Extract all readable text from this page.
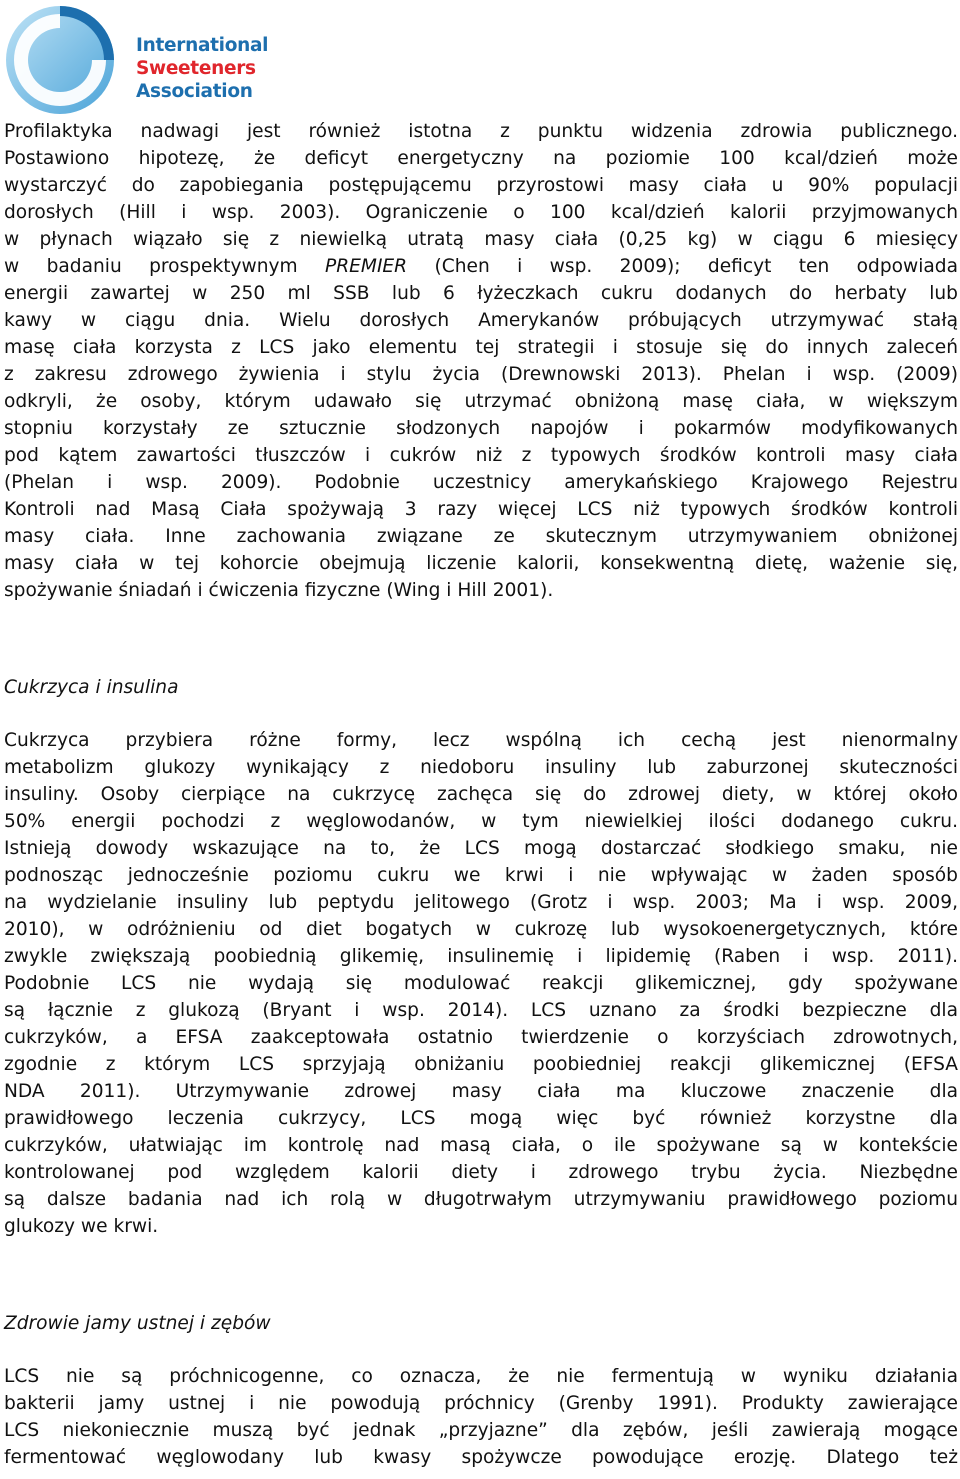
International
Sweeteners
Association

Profilaktyka nadwagi jest również istotna z punktu widzenia zdrowia publicznego.
Postawiono hipotezę, że deficyt energetyczny na poziomie 100 kcal/dzień może
wystarczyć do zapobiegania postępującemu przyrostowi masy ciała u 90% populacji
dorosłych (Hill i wsp. 2003). Ograniczenie o 100 kcal/dzień kalorii przyjmowanych
w płynach wiązało się z niewielką utratą masy ciała (0,25 kg) w ciągu 6 miesięcy
w badaniu prospektywnym PREMIER (Chen i wsp. 2009); deficyt ten odpowiada
energii zawartej w 250 ml SSB lub 6 łyżeczkach cukru dodanych do herbaty lub
kawy w ciągu dnia. Wielu dorosłych Amerykanów próbujących utrzymywać stałą
masę ciała korzysta z LCS jako elementu tej strategii i stosuje się do innych zaleceń
z zakresu zdrowego żywienia i stylu życia (Drewnowski 2013). Phelan i wsp. (2009)
odkryli, że osoby, którym udawało się utrzymać obniżoną masę ciała, w większym
stopniu korzystały ze sztucznie słodzonych napojów i pokarmów modyfikowanych
pod kątem zawartości tłuszczów i cukrów niż z typowych środków kontroli masy ciała
(Phelan i wsp. 2009). Podobnie uczestnicy amerykańskiego Krajowego Rejestru
Kontroli nad Masą Ciała spożywają 3 razy więcej LCS niż typowych środków kontroli
masy ciała. Inne zachowania związane ze skutecznym utrzymywaniem obniżonej
masy ciała w tej kohorcie obejmują liczenie kalorii, konsekwentną dietę, ważenie się,
spożywanie śniadań i ćwiczenia fizyczne (Wing i Hill 2001).

Cukrzyca i insulina

Cukrzyca przybiera różne formy, lecz wspólną ich cechą jest nienormalny
metabolizm glukozy wynikający z niedoboru insuliny lub zaburzonej skuteczności
insuliny. Osoby cierpiące na cukrzycę zachęca się do zdrowej diety, w której około
50% energii pochodzi z węglowodanów, w tym niewielkiej ilości dodanego cukru.
Istnieją dowody wskazujące na to, że LCS mogą dostarczać słodkiego smaku, nie
podnosząc jednocześnie poziomu cukru we krwi i nie wpływając w żaden sposób
na wydzielanie insuliny lub peptydu jelitowego (Grotz i wsp. 2003; Ma i wsp. 2009,
2010), w odróżnieniu od diet bogatych w cukrozę lub wysokoenergetycznych, które
zwykle zwiększają poobiednią glikemię, insulinemię i lipidemię (Raben i wsp. 2011).
Podobnie LCS nie wydają się modulować reakcji glikemicznej, gdy spożywane
są łącznie z glukozą (Bryant i wsp. 2014). LCS uznano za środki bezpieczne dla
cukrzyków, a EFSA zaakceptowała ostatnio twierdzenie o korzyściach zdrowotnych,
zgodnie z którym LCS sprzyjają obniżaniu poobiedniej reakcji glikemicznej (EFSA
NDA 2011). Utrzymywanie zdrowej masy ciała ma kluczowe znaczenie dla
prawidłowego leczenia cukrzycy, LCS mogą więc być również korzystne dla
cukrzyków, ułatwiając im kontrolę nad masą ciała, o ile spożywane są w kontekście
kontrolowanej pod względem kalorii diety i zdrowego trybu życia. Niezbędne
są dalsze badania nad ich rolą w długotrwałym utrzymywaniu prawidłowego poziomu
glukozy we krwi.

Zdrowie jamy ustnej i zębów

LCS nie są próchnicogenne, co oznacza, że nie fermentują w wyniku działania
bakterii jamy ustnej i nie powodują próchnicy (Grenby 1991). Produkty zawierające
LCS niekoniecznie muszą być jednak „przyjazne” dla zębów, jeśli zawierają mogące
fermentować węglowodany lub kwasy spożywcze powodujące erozję. Dlatego też
